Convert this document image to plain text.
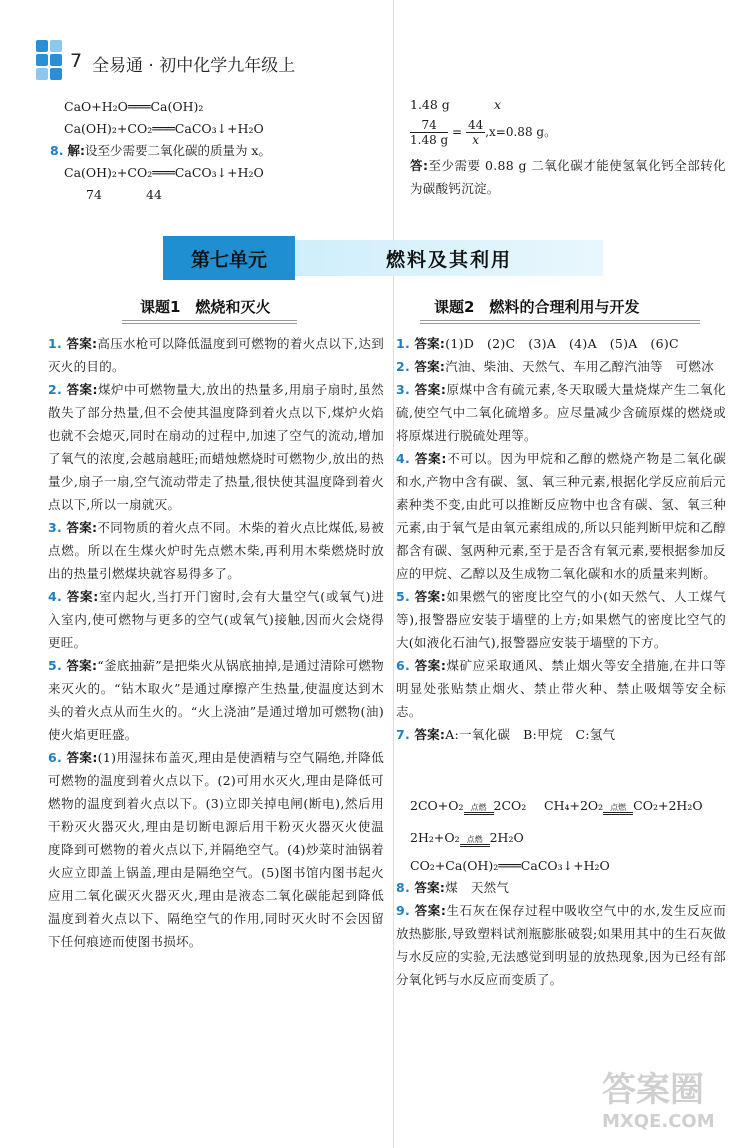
7 全易通 · 初中化学九年级上
CaO+H₂O═══Ca(OH)₂
Ca(OH)₂+CO₂═══CaCO₃↓+H₂O
8. 解:设至少需要二氧化碳的质量为 x。
Ca(OH)₂+CO₂═══CaCO₃↓+H₂O
74	44
1.48 g	x
$\frac{74}{1.48 g} = \frac{44}{x} ,x=0.88$ g。

答:至少需要 0.88 g 二氧化碳才能使氢氧化钙全部转化为碳酸钙沉淀。

第七单元	燃料及其利用
课题1　燃烧和灭火	课题2　燃料的合理利用与开发

1. 答案:高压水枪可以降低温度到可燃物的着火点以下,达到灭火的目的。

2. 答案:煤炉中可燃物量大,放出的热量多,用扇子扇时,虽然散失了部分热量,但不会使其温度降到着火点以下,煤炉火焰也就不会熄灭,同时在扇动的过程中,加速了空气的流动,增加了氧气的浓度,会越扇越旺;而蜡烛燃烧时可燃物少,放出的热量少,扇子一扇,空气流动带走了热量,很快使其温度降到着火点以下,所以一扇就灭。

3. 答案:不同物质的着火点不同。木柴的着火点比煤低,易被点燃。所以在生煤火炉时先点燃木柴,再利用木柴燃烧时放出的热量引燃煤块就容易得多了。

4. 答案:室内起火,当打开门窗时,会有大量空气(或氧气)进入室内,使可燃物与更多的空气(或氧气)接触,因而火会烧得更旺。

5. 答案:“釜底抽薪”是把柴火从锅底抽掉,是通过清除可燃物来灭火的。“钻木取火”是通过摩擦产生热量,使温度达到木头的着火点从而生火的。“火上浇油”是通过增加可燃物(油)使火焰更旺盛。

6. 答案:(1)用湿抹布盖灭,理由是使酒精与空气隔绝,并降低可燃物的温度到着火点以下。(2)可用水灭火,理由是降低可燃物的温度到着火点以下。(3)立即关掉电闸(断电),然后用干粉灭火器灭火,理由是切断电源后用干粉灭火器灭火使温度降到可燃物的着火点以下,并隔绝空气。(4)炒菜时油锅着火应立即盖上锅盖,理由是隔绝空气。(5)图书馆内图书起火应用二氧化碳灭火器灭火,理由是液态二氧化碳能起到降低温度到着火点以下、隔绝空气的作用,同时灭火时不会因留下任何痕迹而使图书损坏。

1. 答案:(1)D　(2)C　(3)A　(4)A　(5)A　(6)C

2. 答案:汽油、柴油、天然气、车用乙醇汽油等　可燃冰

3. 答案:原煤中含有硫元素,冬天取暖大量烧煤产生二氧化硫,使空气中二氧化硫增多。应尽量减少含硫原煤的燃烧或将原煤进行脱硫处理等。

4. 答案:不可以。因为甲烷和乙醇的燃烧产物是二氧化碳和水,产物中含有碳、氢、氧三种元素,根据化学反应前后元素种类不变,由此可以推断反应物中也含有碳、氢、氧三种元素,由于氧气是由氧元素组成的,所以只能判断甲烷和乙醇都含有碳、氢两种元素,至于是否含有氧元素,要根据参加反应的甲烷、乙醇以及生成物二氧化碳和水的质量来判断。

5. 答案:如果燃气的密度比空气的小(如天然气、人工煤气等),报警器应安装于墙壁的上方;如果燃气的密度比空气的大(如液化石油气),报警器应安装于墙壁的下方。

6. 答案:煤矿应采取通风、禁止烟火等安全措施,在井口等明显处张贴禁止烟火、禁止带火种、禁止吸烟等安全标志。

7. 答案:A:一氧化碳　B:甲烷　C:氢气

2CO+O₂ 点燃 2CO₂ CH₄+2O₂ 点燃 CO₂+2H₂O
2H₂+O₂ 点燃 2H₂O
CO₂+Ca(OH)₂═══CaCO₃↓+H₂O

8. 答案:煤　天然气

9. 答案:生石灰在保存过程中吸收空气中的水,发生反应而放热膨胀,导致塑料试剂瓶膨胀破裂;如果用其中的生石灰做与水反应的实验,无法感觉到明显的放热现象,因为已经有部分氧化钙与水反应而变质了。

答案圈
MXQE.COM
